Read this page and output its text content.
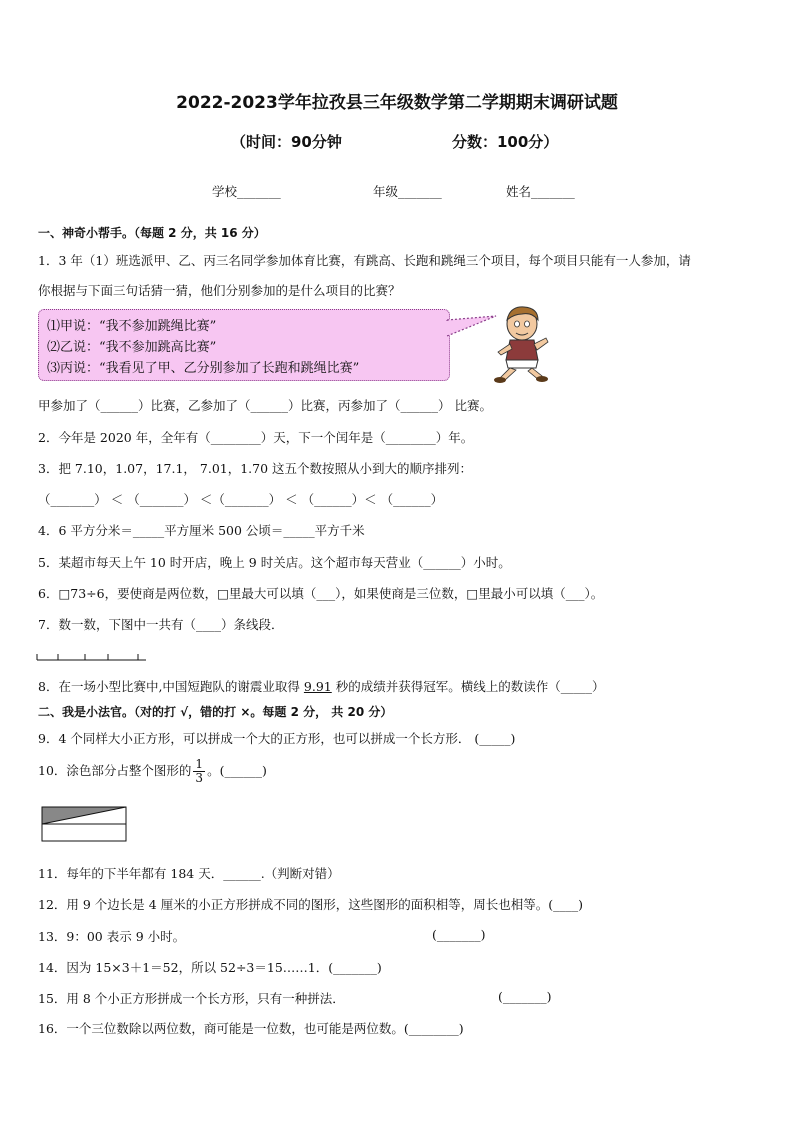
2022-2023学年拉孜县三年级数学第二学期期末调研试题
（时间：90分钟	分数：100分）
学校_______	年级_______	姓名_______
一、神奇小帮手。（每题 2 分，共 16 分）
1．3 年（1）班选派甲、乙、丙三名同学参加体育比赛，有跳高、长跑和跳绳三个项目，每个项目只能有一人参加，请
你根据与下面三句话猜一猜，他们分别参加的是什么项目的比赛？
⑴甲说：“我不参加跳绳比赛”
⑵乙说：“我不参加跳高比赛”
⑶丙说：“我看见了甲、乙分别参加了长跑和跳绳比赛”
甲参加了（______）比赛，乙参加了（______）比赛，丙参加了（______） 比赛。
2．今年是 2020 年，全年有（________）天，下一个闰年是（________）年。
3．把 7.10，1.07，17.1， 7.01，1.70 这五个数按照从小到大的顺序排列：
（_______） ＜ （_______） ＜（_______） ＜ （______）＜ （______）
4．6 平方分米＝_____平方厘米 500 公顷＝_____平方千米
5．某超市每天上午 10 时开店，晚上 9 时关店。这个超市每天营业（______）小时。
6．□73÷6，要使商是两位数，□里最大可以填（___），如果使商是三位数，□里最小可以填（___）。
7．数一数，下图中一共有（____）条线段．
8．在一场小型比赛中,中国短跑队的谢震业取得 9.91 秒的成绩并获得冠军。横线上的数读作（_____）
二、我是小法官。（对的打 √，错的打 ×。每题 2 分， 共 20 分）
9．4 个同样大小正方形，可以拼成一个大的正方形，也可以拼成一个长方形． (_____)
10．涂色部分占整个图形的 $\frac{1}{3}$ 。(______)
11．每年的下半年都有 184 天．______.（判断对错）
12．用 9 个边长是 4 厘米的小正方形拼成不同的图形，这些图形的面积相等，周长也相等。(____)
13．9：00 表示 9 小时。	(_______)
14．因为 15×3＋1＝52，所以 52÷3＝15……1．(_______)
15．用 8 个小正方形拼成一个长方形，只有一种拼法．	(_______)
16．一个三位数除以两位数，商可能是一位数，也可能是两位数。(________)
